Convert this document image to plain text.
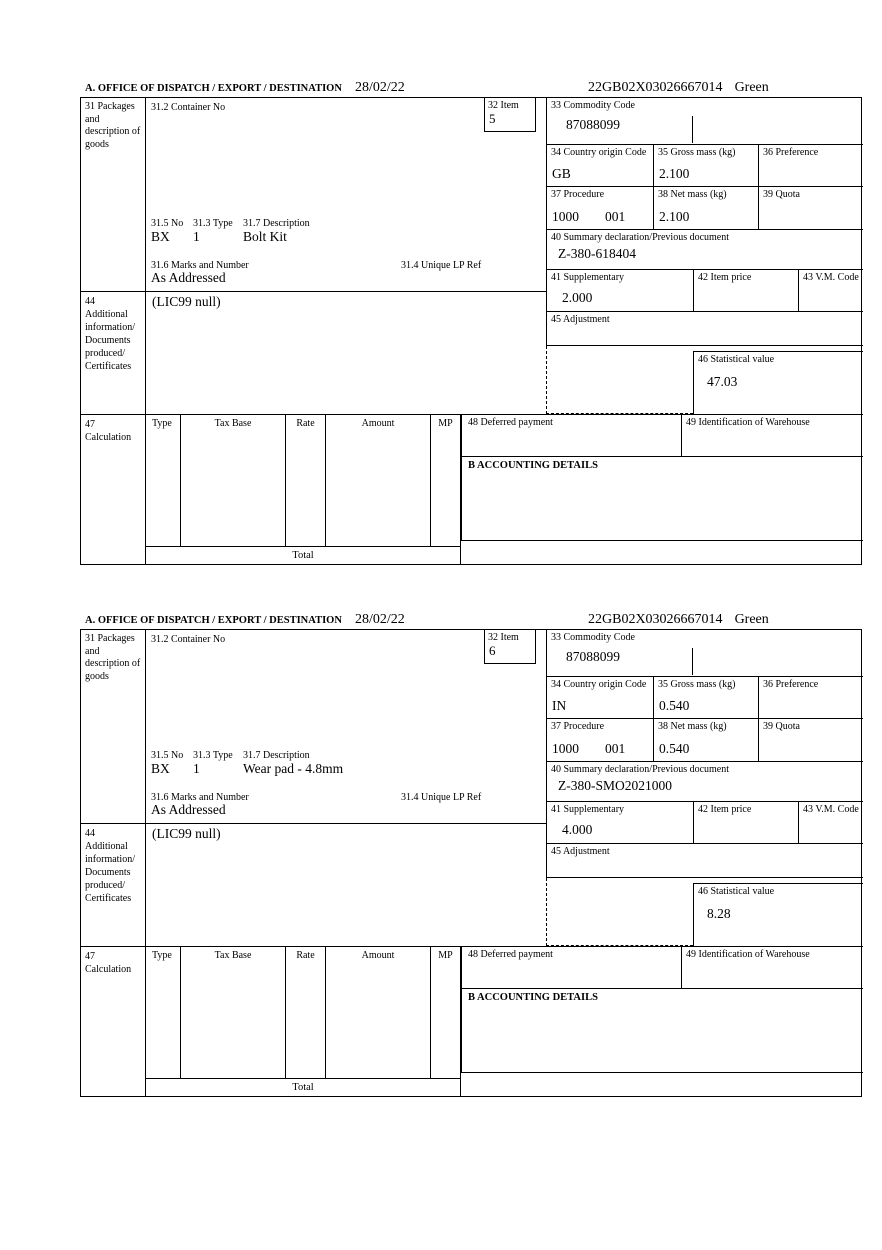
A. OFFICE OF DISPATCH / EXPORT / DESTINATION 28/02/22	22GB02X03026667014 Green
31 Packages and description of goods
44
Additional information/ Documents produced/ Certificates
47 Calculation
31.2 Container No	32 Item
5
31.5 No 31.3 Type 31.7 Description
BX 1	Bolt Kit
31.6 Marks and Number	31.4 Unique LP Ref
As Addressed
(LIC99 null)
33 Commodity Code
87088099
34 Country origin Code
GB
35 Gross mass (kg)
2.100
36 Preference
37 Procedure
1000 001
38 Net mass (kg)
2.100
39 Quota
40 Summary declaration/Previous document
Z-380-618404
41 Supplementary
2.000
42 Item price	43 V.M. Code
45 Adjustment
46 Statistical value
47.03
Type	Tax Base	Rate	Amount	MP
Total
48 Deferred payment	49 Identification of Warehouse
B ACCOUNTING DETAILS
A. OFFICE OF DISPATCH / EXPORT / DESTINATION 28/02/22	22GB02X03026667014 Green
31 Packages and description of goods
44
Additional information/ Documents produced/ Certificates
47 Calculation
31.2 Container No	32 Item
6
31.5 No 31.3 Type 31.7 Description
BX 1	Wear pad - 4.8mm
31.6 Marks and Number	31.4 Unique LP Ref
As Addressed
(LIC99 null)
33 Commodity Code
87088099
34 Country origin Code
IN
35 Gross mass (kg)
0.540
36 Preference
37 Procedure
1000 001
38 Net mass (kg)
0.540
39 Quota
40 Summary declaration/Previous document
Z-380-SMO2021000
41 Supplementary
4.000
42 Item price	43 V.M. Code
45 Adjustment
46 Statistical value
8.28
Type	Tax Base	Rate	Amount	MP
Total
48 Deferred payment	49 Identification of Warehouse
B ACCOUNTING DETAILS
